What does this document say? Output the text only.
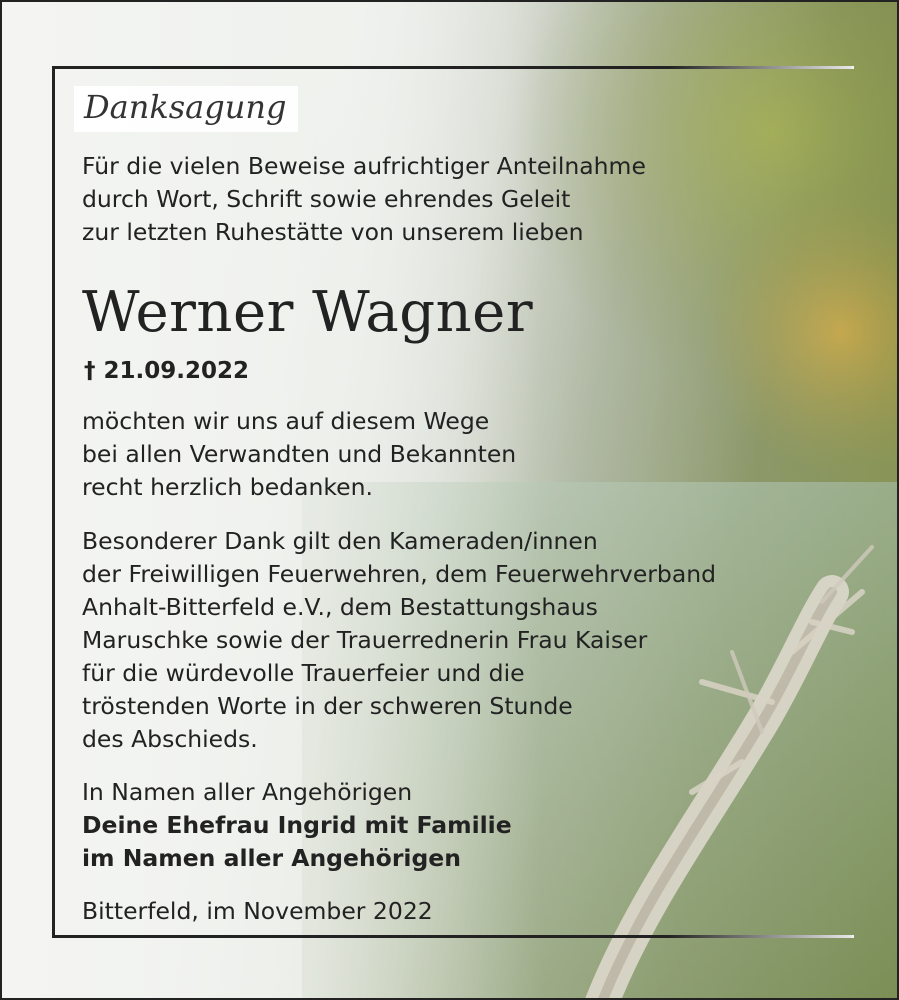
Danksagung
Für die vielen Beweise aufrichtiger Anteilnahme
durch Wort, Schrift sowie ehrendes Geleit
zur letzten Ruhestätte von unserem lieben
Werner Wagner
† 21.09.2022
möchten wir uns auf diesem Wege
bei allen Verwandten und Bekannten
recht herzlich bedanken.
Besonderer Dank gilt den Kameraden/innen
der Freiwilligen Feuerwehren, dem Feuerwehrverband
Anhalt-Bitterfeld e.V., dem Bestattungshaus
Maruschke sowie der Trauerrednerin Frau Kaiser
für die würdevolle Trauerfeier und die
tröstenden Worte in der schweren Stunde
des Abschieds.
In Namen aller Angehörigen
Deine Ehefrau Ingrid mit Familie
im Namen aller Angehörigen
Bitterfeld, im November 2022
